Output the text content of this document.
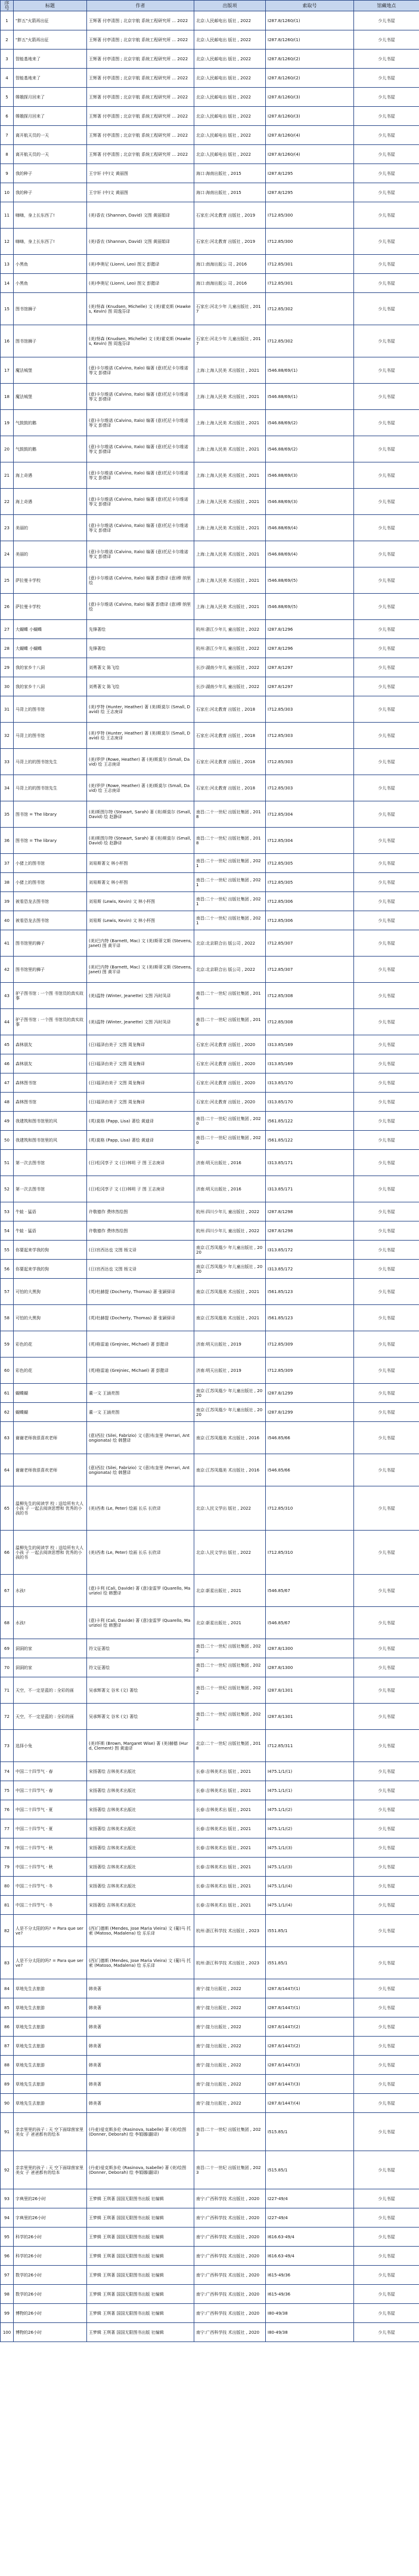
序号	标题	作者	出版项	索取号	馆藏地点
1	"胖五"火箭再出征	王辉著 付亭清图 ; 北京宇航 系统工程研究所 ... 2022	北京:人民邮电出 版社 , 2022	I287.8/1260/(1)	少儿书屋
2	"胖五"火箭再出征	王辉著 付亭清图 ; 北京宇航 系统工程研究所 ... 2022	北京:人民邮电出 版社 , 2022	I287.8/1260/(1)	少儿书屋
3	智能基地来了	王辉著 付亭清图 ; 北京宇航 系统工程研究所 ... 2022	北京:人民邮电出 版社 , 2022	I287.8/1260/(2)	少儿书屋
4	智能基地来了	王辉著 付亭清图 ; 北京宇航 系统工程研究所 ... 2022	北京:人民邮电出 版社 , 2022	I287.8/1260/(2)	少儿书屋
5	嫦娥探月回来了	王辉著 付亭清图 ; 北京宇航 系统工程研究所 ... 2022	北京:人民邮电出 版社 , 2022	I287.8/1260/(3)	少儿书屋
6	嫦娥探月回来了	王辉著 付亭清图 ; 北京宇航 系统工程研究所 ... 2022	北京:人民邮电出 版社 , 2022	I287.8/1260/(3)	少儿书屋
7	离开航天员的一天	王辉著 付亭清图 ; 北京宇航 系统工程研究所 ... 2022	北京:人民邮电出 版社 , 2022	I287.8/1260/(4)	少儿书屋
8	离开航天员的一天	王辉著 付亭清图 ; 北京宇航 系统工程研究所 ... 2022	北京:人民邮电出 版社 , 2022	I287.8/1260/(4)	少儿书屋
9	我的种子	王宇轩 (中)文 黄丽图	海口:海南出版社 , 2015	I287.8/1295	少儿书屋
10	我的种子	王宇轩 (中)文 黄丽图	海口:海南出版社 , 2015	I287.8/1295	少儿书屋
11	嗨嗨，身上长东西了!	(美)香农 (Shannon, David) 文图 黄丽娟译	石家庄:河北教育 出版社 , 2019	I712.85/300	少儿书屋
12	嗨嗨，身上长东西了!	(美)香农 (Shannon, David) 文图 黄丽娟译	石家庄:河北教育 出版社 , 2019	I712.85/300	少儿书屋
13	小黑鱼	(美)李奥尼 (Lionni, Leo) 图文 彭懿译	海口:南海出版公 司 , 2016	I712.85/301	少儿书屋
14	小黑鱼	(美)李奥尼 (Lionni, Leo) 图文 彭懿译	海口:南海出版公 司 , 2016	I712.85/301	少儿书屋
15	图书馆狮子	(美)努森 (Knudsen, Michelle) 文 (美)霍克斯 (Hawkes, Kevin) 图 周逸芬译	石家庄:河北少年 儿童出版社 , 2017	I712.85/302	少儿书屋
16	图书馆狮子	(美)努森 (Knudsen, Michelle) 文 (美)霍克斯 (Hawkes, Kevin) 图 周逸芬译	石家庄:河北少年 儿童出版社 , 2017	I712.85/302	少儿书屋
17	魔法城堡	(意)卡尔维诺 (Calvino, Italo) 编著 (意)托尼卡尔维诺 等文 彭倩译	上海:上海人民美 术出版社 , 2021	I546.88/69/(1)	少儿书屋
18	魔法城堡	(意)卡尔维诺 (Calvino, Italo) 编著 (意)托尼卡尔维诺 等文 彭倩译	上海:上海人民美 术出版社 , 2021	I546.88/69/(1)	少儿书屋
19	气鼓鼓的鹅	(意)卡尔维诺 (Calvino, Italo) 编著 (意)托尼卡尔维诺 等文 彭倩译	上海:上海人民美 术出版社 , 2021	I546.88/69/(2)	少儿书屋
20	气鼓鼓的鹅	(意)卡尔维诺 (Calvino, Italo) 编著 (意)托尼卡尔维诺 等文 彭倩译	上海:上海人民美 术出版社 , 2021	I546.88/69/(2)	少儿书屋
21	海上奇遇	(意)卡尔维诺 (Calvino, Italo) 编著 (意)托尼卡尔维诺 等文 彭倩译	上海:上海人民美 术出版社 , 2021	I546.88/69/(3)	少儿书屋
22	海上奇遇	(意)卡尔维诺 (Calvino, Italo) 编著 (意)托尼卡尔维诺 等文 彭倩译	上海:上海人民美 术出版社 , 2021	I546.88/69/(3)	少儿书屋
23	美丽的	(意)卡尔维诺 (Calvino, Italo) 编著 (意)托尼卡尔维诺 等文 彭倩译	上海:上海人民美 术出版社 , 2021	I546.88/69/(4)	少儿书屋
24	美丽的	(意)卡尔维诺 (Calvino, Italo) 编著 (意)托尼卡尔维诺 等文 彭倩译	上海:上海人民美 术出版社 , 2021	I546.88/69/(4)	少儿书屋
25	萨拉曼卡学校	(意)卡尔维诺 (Calvino, Italo) 编著 彭倩译 (意)穆 纳里 绘	上海:上海人民美 术出版社 , 2021	I546.88/69/(5)	少儿书屋
26	萨拉曼卡学校	(意)卡尔维诺 (Calvino, Italo) 编著 彭倩译 (意)穆 纳里 绘	上海:上海人民美 术出版社 , 2021	I546.88/69/(5)	少儿书屋
27	大蝴蝶 小蝴蝶	先锋著绘	杭州:浙江少年儿 童出版社 , 2022	I287.8/1296	少儿书屋
28	大蝴蝶 小蝴蝶	先锋著绘	杭州:浙江少年儿 童出版社 , 2022	I287.8/1296	少儿书屋
29	我的家乡十八洞	刘勇著文 陈飞绘	长沙:湖南少年儿 童出版社 , 2022	I287.8/1297	少儿书屋
30	我的家乡十八洞	刘勇著文 陈飞绘	长沙:湖南少年儿 童出版社 , 2022	I287.8/1297	少儿书屋
31	马背上的图书馆	(美)亨特 (Hunter, Heather) 著 (美)斯莫尔 (Small, David) 绘 王志庚译	石家庄:河北教育 出版社 , 2018	I712.85/303	少儿书屋
32	马背上的图书馆	(美)亨特 (Hunter, Heather) 著 (美)斯莫尔 (Small, David) 绘 王志庚译	石家庄:河北教育 出版社 , 2018	I712.85/303	少儿书屋
33	马背上的的图书馆先生	(美)罗伊 (Rowe, Heather) 著 (美)斯莫尔 (Small, David) 绘 王志庚译	石家庄:河北教育 出版社 , 2018	I712.85/303	少儿书屋
34	马背上的的图书馆先生	(美)罗伊 (Rowe, Heather) 著 (美)斯莫尔 (Small, David) 绘 王志庚译	石家庄:河北教育 出版社 , 2018	I712.85/303	少儿书屋
35	图书馆 = The library	(美)斯图尔特 (Stewart, Sarah) 著 (美)斯莫尔 (Small, David) 绘 赵静译	南昌:二十一世纪 出版社集团 , 2018	I712.85/304	少儿书屋
36	图书馆 = The library	(美)斯图尔特 (Stewart, Sarah) 著 (美)斯莫尔 (Small, David) 绘 赵静译	南昌:二十一世纪 出版社集团 , 2018	I712.85/304	少儿书屋
37	小猪上的图书馆	刘易斯著文 林小杯图	南昌:二十一世纪 出版社集团 , 2021	I712.85/305	少儿书屋
38	小猪上的图书馆	刘易斯著文 林小杯图	南昌:二十一世纪 出版社集团 , 2021	I712.85/305	少儿书屋
39	被看恐龙去图书馆	刘易斯 (Lewis, Kevin) 文 林小杯图	南昌:二十一世纪 出版社集团 , 2021	I712.85/306	少儿书屋
40	被看恐龙去图书馆	刘易斯 (Lewis, Kevin) 文 林小杯图	南昌:二十一世纪 出版社集团 , 2021	I712.85/306	少儿书屋
41	图书馆里的狮子	(美)巴内特 (Barnett, Mac) 文 (美)斯蒂文斯 (Stevens, Janet) 图 黄平译	北京:北京联合出 版公司 , 2022	I712.85/307	少儿书屋
42	图书馆里的狮子	(美)巴内特 (Barnett, Mac) 文 (美)斯蒂文斯 (Stevens, Janet) 图 黄平译	北京:北京联合出 版公司 , 2022	I712.85/307	少儿书屋
43	驴子图书馆 : 一个图 书馆员的真实故事	(美)温特 (Winter, Jeanette) 文图 冯时凤译	南昌:二十一世纪 出版社集团 , 2016	I712.85/308	少儿书屋
44	驴子图书馆 : 一个图 书馆员的真实故事	(美)温特 (Winter, Jeanette) 文图 冯时凤译	南昌:二十一世纪 出版社集团 , 2016	I712.85/308	少儿书屋
45	森林朋友	(日)福泽由美子 文图 周龙梅译	石家庄:河北教育 出版社 , 2020	I313.85/169	少儿书屋
46	森林朋友	(日)福泽由美子 文图 周龙梅译	石家庄:河北教育 出版社 , 2020	I313.85/169	少儿书屋
47	森林图书馆	(日)福泽由美子 文图 周龙梅译	石家庄:河北教育 出版社 , 2020	I313.85/170	少儿书屋
48	森林图书馆	(日)福泽由美子 文图 周龙梅译	石家庄:河北教育 出版社 , 2020	I313.85/170	少儿书屋
49	我建筑和图书馆里的风	(英)莫格 (Papp, Lisa) 著绘 黄迪译	南昌:二十一世纪 出版社集团 , 2020	I561.85/122	少儿书屋
50	我建筑和图书馆里的风	(英)莫格 (Papp, Lisa) 著绘 黄迪译	南昌:二十一世纪 出版社集团 , 2020	I561.85/122	少儿书屋
51	第一次去图书馆	(日)松冈享子 文 (日)林明 子 图 王志庚译	济南:明天出版社 , 2016	I313.85/171	少儿书屋
52	第一次去图书馆	(日)松冈享子 文 (日)林明 子 图 王志庚译	济南:明天出版社 , 2016	I313.85/171	少儿书屋
53	牛蛙 · 猛语	许敬德作 费炜然绘图	杭州:四川少年儿 童出版社 , 2022	I287.8/1298	少儿书屋
54	牛蛙 · 猛语	许敬德作 费炜然绘图	杭州:四川少年儿 童出版社 , 2022	I287.8/1298	少儿书屋
55	你要起来学我的狗	(日)宫西达也 文图 杨文译	南京:江苏凤凰少 年儿童出版社 , 2020	I313.85/172	少儿书屋
56	你要起来学我的狗	(日)宫西达也 文图 杨文译	南京:江苏凤凰少 年儿童出版社 , 2020	I313.85/172	少儿书屋
57	可怕的大黑狗	(英)杜赫提 (Docherty, Thomas) 著 张颖驿译	南京:江苏凤凰美 术出版社 , 2021	I561.85/123	少儿书屋
58	可怕的大黑狗	(英)杜赫提 (Docherty, Thomas) 著 张颖驿译	南京:江苏凤凰美 术出版社 , 2021	I561.85/123	少儿书屋
59	彩色的花	(英)格雷迪 (Grejniec, Michael) 著 彭懿译	济南:明天出版社 , 2019	I712.85/309	少儿书屋
60	彩色的花	(英)格雷迪 (Grejniec, Michael) 著 彭懿译	济南:明天出版社 , 2019	I712.85/309	少儿书屋
61	蝴蝶蝴	董一文 王涵亮图	南京:江苏凤凰少 年儿童出版社 , 2020	I287.8/1299	少儿书屋
62	蝴蝶蝴	董一文 王涵亮图	南京:江苏凤凰少 年儿童出版社 , 2020	I287.8/1299	少儿书屋
63	谢谢老师我很喜欢老师	(意)西拉 (Silei, Fabrizio) 文 (意)布奎里 (Ferrari, Antongionata) 绘 韩慧译	南京:江苏凤凰美 术出版社 , 2016	I546.85/66	少儿书屋
64	谢谢老师我很喜欢老师	(意)西拉 (Silei, Fabrizio) 文 (意)布奎里 (Ferrari, Antongionata) 绘 韩慧译	南京:江苏凤凰美 术出版社 , 2016	I546.85/66	少儿书屋
65	温柳先生的阅读学 校 : 送给所有大人小孩 子 一起去阅读思想和 优秀的小孩的书	(美)西弗 (Le, Peter) 绘画 长乐 长欣译	北京:人民文学出 版社 , 2022	I712.85/310	少儿书屋
66	温柳先生的阅读学 校 : 送给所有大人小孩 子 一起去阅读思想和 优秀的小孩的书	(美)西弗 (Le, Peter) 绘画 长乐 长欣译	北京:人民文学出 版社 , 2022	I712.85/310	少儿书屋
67	水孩!	(意)卡利 (Cali, Davide) 著 (意)奎雷罗 (Quarello, Maurizio) 绘 韩慧译	北京:新星出版社 , 2021	I546.85/67	少儿书屋
68	水孩!	(意)卡利 (Cali, Davide) 著 (意)奎雷罗 (Quarello, Maurizio) 绘 韩慧译	北京:新星出版社 , 2021	I546.85/67	少儿书屋
69	洞洞的家	符文征著绘	南昌:二十一世纪 出版社集团 , 2022	I287.8/1300	少儿书屋
70	洞洞的家	符文征著绘	南昌:二十一世纪 出版社集团 , 2022	I287.8/1300	少儿书屋
71	天空，不一定是蓝的 : 全彩的画	吴承辉著文 谷米 (文) 著绘	南昌:二十一世纪 出版社集团 , 2022	I287.8/1301	少儿书屋
72	天空，不一定是蓝的 : 全彩的画	吴承辉著文 谷米 (文) 著绘	南昌:二十一世纪 出版社集团 , 2022	I287.8/1301	少儿书屋
73	选择小兔	(美)怀斯 (Brown, Margaret Wise) 著 (美)赫德 (Hurd, Clement) 图 黄迪译	北京:二十一世纪 出版社集团 , 2018	I712.85/311	少儿书屋
74	中国二十四节气 · 春	宋扬著绘 吉林美术出版社	长春:吉林美术出 版社 , 2021	I475.1/1/(1)	少儿书屋
75	中国二十四节气 · 春	宋扬著绘 吉林美术出版社	长春:吉林美术出 版社 , 2021	I475.1/1/(1)	少儿书屋
76	中国二十四节气 · 夏	宋扬著绘 吉林美术出版社	长春:吉林美术出 版社 , 2021	I475.1/1/(2)	少儿书屋
77	中国二十四节气 · 夏	宋扬著绘 吉林美术出版社	长春:吉林美术出 版社 , 2021	I475.1/1/(2)	少儿书屋
78	中国二十四节气 · 秋	宋扬著绘 吉林美术出版社	长春:吉林美术出 版社 , 2021	I475.1/1/(3)	少儿书屋
79	中国二十四节气 · 秋	宋扬著绘 吉林美术出版社	长春:吉林美术出 版社 , 2021	I475.1/1/(3)	少儿书屋
80	中国二十四节气 · 冬	宋扬著绘 吉林美术出版社	长春:吉林美术出 版社 , 2021	I475.1/1/(4)	少儿书屋
81	中国二十四节气 · 冬	宋扬著绘 吉林美术出版社	长春:吉林美术出 版社 , 2021	I475.1/1/(4)	少儿书屋
82	人是不分太阳的吗? = Para que serve?	(西)门德斯 (Mendes, Jose Maria Vieira) 文 (葡)马 托索 (Matoso, Madalena) 绘 乐乐译	杭州:浙江科学技 术出版社 , 2023	I551.85/1	少儿书屋
83	人是不分太阳的吗? = Para que serve?	(西)门德斯 (Mendes, Jose Maria Vieira) 文 (葡)马 托索 (Matoso, Madalena) 绘 乐乐译	杭州:浙江科学技 术出版社 , 2023	I551.85/1	少儿书屋
84	草地先生去旅游	韩美著	南宁:接力出版社 , 2022	I287.8/1447/(1)	少儿书屋
85	草地先生去旅游	韩美著	南宁:接力出版社 , 2022	I287.8/1447/(1)	少儿书屋
86	草地先生去旅游	韩美著	南宁:接力出版社 , 2022	I287.8/1447/(2)	少儿书屋
87	草地先生去旅游	韩美著	南宁:接力出版社 , 2022	I287.8/1447/(2)	少儿书屋
88	草地先生去旅游	韩美著	南宁:接力出版社 , 2022	I287.8/1447/(3)	少儿书屋
89	草地先生去旅游	韩美著	南宁:接力出版社 , 2022	I287.8/1447/(3)	少儿书屋
90	草地先生去旅游	韩美著	南宁:接力出版社 , 2022	I287.8/1447/(4)	少儿书屋
91	亲亲里里的孩子 : 天 空下面绿茵家里美女 子 爸爸都有的绘本	(丹麦)爱克斯多伦 (Rasinova, Isabelle) 著 (美)绘图 (Donner, Deborah) 绘 李娟娜(翻译)	南昌:二十一世纪 出版社集团 , 2023	I515.85/1	少儿书屋
92	亲亲里里的孩子 : 天 空下面绿茵家里美女 子 爸爸都有的绘本	(丹麦)爱克斯多伦 (Rasinova, Isabelle) 著 (美)绘图 (Donner, Deborah) 绘 李娟娜(翻译)	南昌:二十一世纪 出版社集团 , 2023	I515.85/1	少儿书屋
93	字典里的26小时	王梦辑 王琪著 国国无限图书出版 社编辑	南宁:广西科学技 术出版社 , 2020	I227-49/4	少儿书屋
94	字典里的26小时	王梦辑 王琪著 国国无限图书出版 社编辑	南宁:广西科学技 术出版社 , 2020	I227-49/4	少儿书屋
95	科学的26小时	王梦辑 王琪著 国国无限图书出版 社编辑	南宁:广西科学技 术出版社 , 2020	I616.63-49/4	少儿书屋
96	科学的26小时	王梦辑 王琪著 国国无限图书出版 社编辑	南宁:广西科学技 术出版社 , 2020	I616.63-49/4	少儿书屋
97	数学的26小时	王梦辑 王琪著 国国无限图书出版 社编辑	南宁:广西科学技 术出版社 , 2020	I615-49/36	少儿书屋
98	数学的26小时	王梦辑 王琪著 国国无限图书出版 社编辑	南宁:广西科学技 术出版社 , 2020	I615-49/36	少儿书屋
99	博物的26小时	王梦辑 王琪著 国国无限图书出版 社编辑	南宁:广西科学技 术出版社 , 2020	I80-49/38	少儿书屋
100	博物的26小时	王梦辑 王琪著 国国无限图书出版 社编辑	南宁:广西科学技 术出版社 , 2020	I80-49/38	少儿书屋
